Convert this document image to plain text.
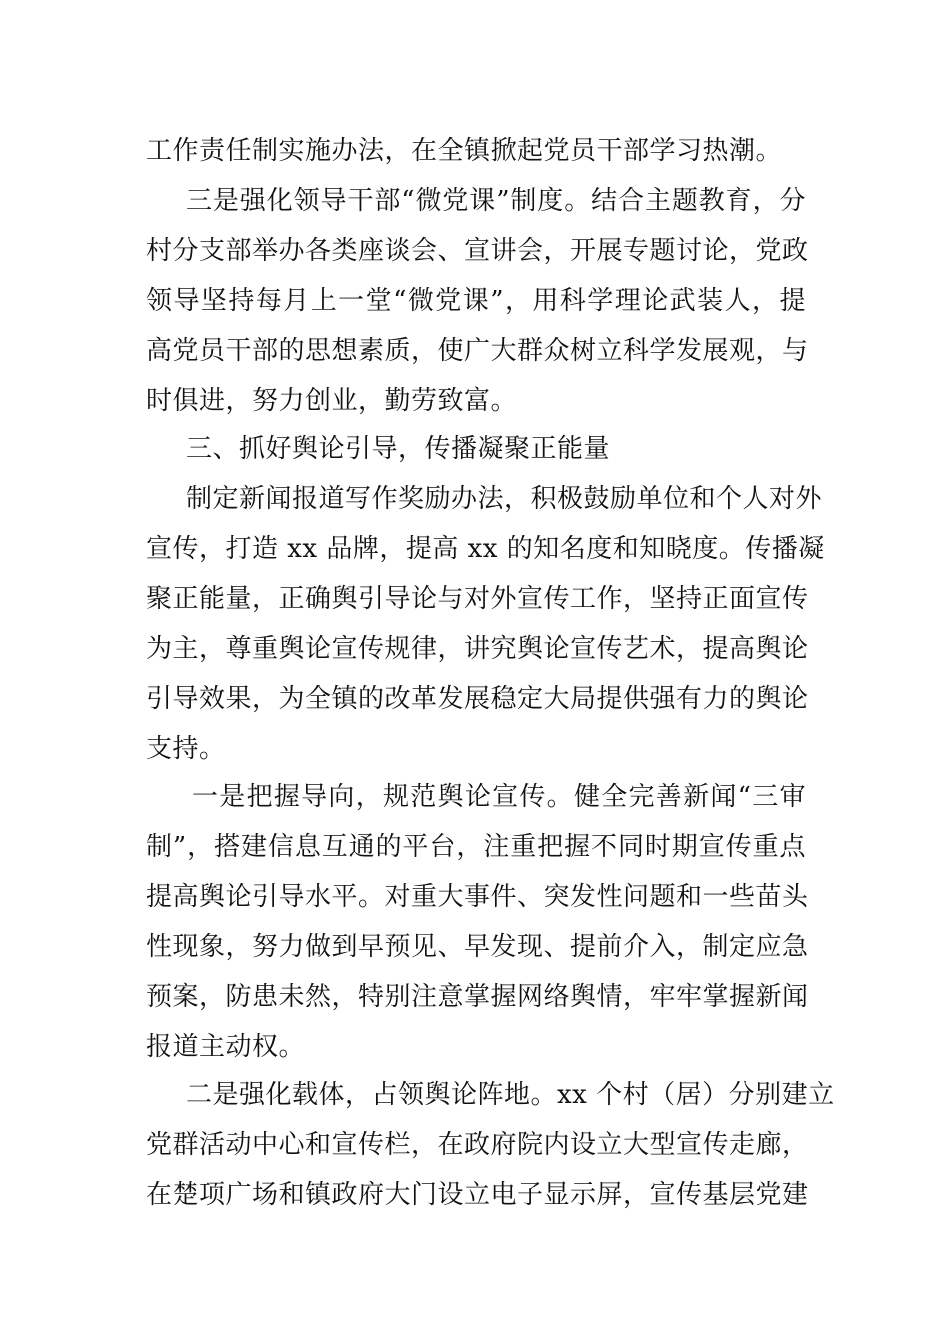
工作责任制实施办法，在全镇掀起党员干部学习热潮。
三是强化领导干部“微党课”制度。结合主题教育，分
村分支部举办各类座谈会、宣讲会，开展专题讨论，党政
领导坚持每月上一堂“微党课”，用科学理论武装人，提
高党员干部的思想素质，使广大群众树立科学发展观，与
时俱进，努力创业，勤劳致富。
三、抓好舆论引导，传播凝聚正能量
制定新闻报道写作奖励办法，积极鼓励单位和个人对外
宣传，打造 xx 品牌，提高 xx 的知名度和知晓度。传播凝
聚正能量，正确舆引导论与对外宣传工作，坚持正面宣传
为主，尊重舆论宣传规律，讲究舆论宣传艺术，提高舆论
引导效果，为全镇的改革发展稳定大局提供强有力的舆论
支持。
一是把握导向，规范舆论宣传。健全完善新闻“三审
制”，搭建信息互通的平台，注重把握不同时期宣传重点
提高舆论引导水平。对重大事件、突发性问题和一些苗头
性现象，努力做到早预见、早发现、提前介入，制定应急
预案，防患未然，特别注意掌握网络舆情，牢牢掌握新闻
报道主动权。
二是强化载体，占领舆论阵地。xx 个村（居）分别建立
党群活动中心和宣传栏，在政府院内设立大型宣传走廊，
在楚项广场和镇政府大门设立电子显示屏，宣传基层党建
